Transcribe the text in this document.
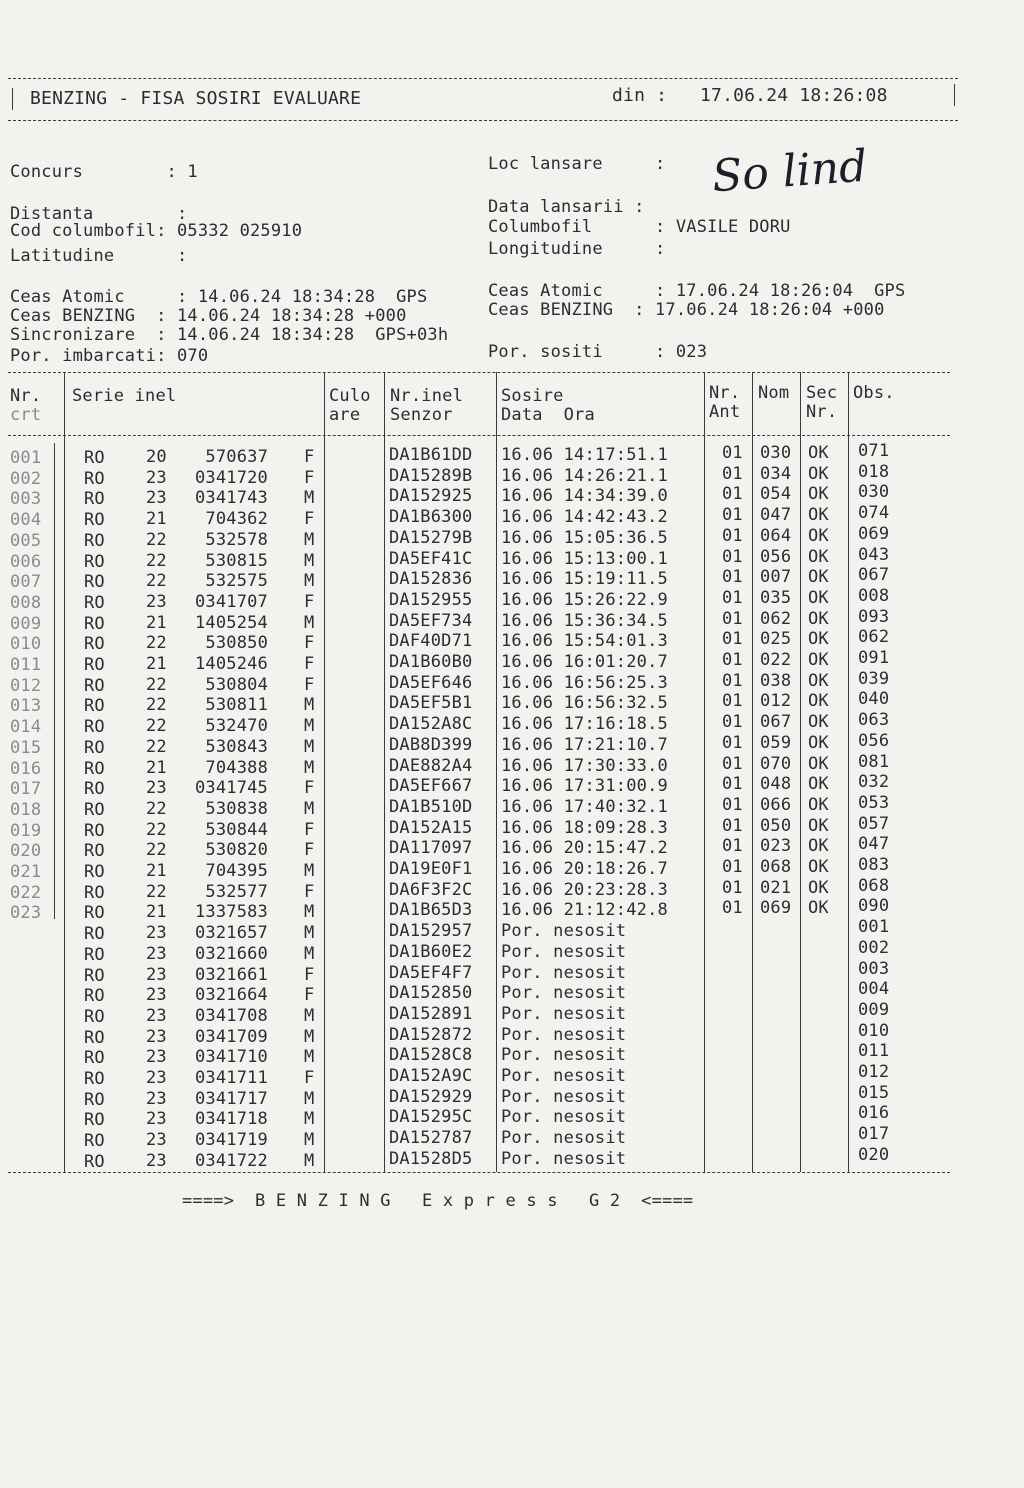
BENZING - FISA SOSIRI EVALUARE	din : 17.06.24 18:26:08
Concurs        : 1	Loc lansare     : So lind
Distanta        :	Data lansarii :
Cod columbofil: 05332 025910	Columbofil      : VASILE DORU
Latitudine      :	Longitudine     :
Ceas Atomic     : 14.06.24 18:34:28  GPS
Ceas BENZING  : 14.06.24 18:34:28 +000
Sincronizare  : 14.06.24 18:34:28  GPS+03h
Por. imbarcati: 070
Ceas Atomic     : 17.06.24 18:26:04  GPS
Ceas BENZING  : 17.06.24 18:26:04 +000
Por. sositi     : 023
Nr.
crt
Serie inel	Culo
are
Nr.inel
Senzor
Sosire
Data  Ora
Nr.
Ant
Nom Sec
Nr.
Obs.
001	RO 20	570637 F	DA1B61DD 16.06 14:17:51.1	01 030 OK 071
002	RO 23	0341720 F	DA15289B 16.06 14:26:21.1	01 034 OK 018
003	RO 23	0341743 M	DA152925 16.06 14:34:39.0	01 054 OK 030
004	RO 21	704362 F	DA1B6300 16.06 14:42:43.2	01 047 OK 074
005	RO 22	532578 M	DA15279B 16.06 15:05:36.5	01 064 OK 069
006	RO 22	530815 M	DA5EF41C 16.06 15:13:00.1	01 056 OK 043
007	RO 22	532575 M	DA152836 16.06 15:19:11.5	01 007 OK 067
008	RO 23	0341707 F	DA152955 16.06 15:26:22.9	01 035 OK 008
009	RO 21	1405254 M	DA5EF734 16.06 15:36:34.5	01 062 OK 093
010	RO 22	530850 F	DAF40D71 16.06 15:54:01.3	01 025 OK 062
011	RO 21	1405246 F	DA1B60B0 16.06 16:01:20.7	01 022 OK 091
012	RO 22	530804 F	DA5EF646 16.06 16:56:25.3	01 038 OK 039
013	RO 22	530811 M	DA5EF5B1 16.06 16:56:32.5	01 012 OK 040
014	RO 22	532470 M	DA152A8C 16.06 17:16:18.5	01 067 OK 063
015	RO 22	530843 M	DAB8D399 16.06 17:21:10.7	01 059 OK 056
016	RO 21	704388 M	DAE882A4 16.06 17:30:33.0	01 070 OK 081
017	RO 23	0341745 F	DA5EF667 16.06 17:31:00.9	01 048 OK 032
018	RO 22	530838 M	DA1B510D 16.06 17:40:32.1	01 066 OK 053
019	RO 22	530844 F	DA152A15 16.06 18:09:28.3	01 050 OK 057
020	RO 22	530820 F	DA117097 16.06 20:15:47.2	01 023 OK 047
021	RO 21	704395 M	DA19E0F1 16.06 20:18:26.7	01 068 OK 083
022	RO 22	532577 F	DA6F3F2C 16.06 20:23:28.3	01 021 OK 068
023	RO 21	1337583 M	DA1B65D3 16.06 21:12:42.8	01 069 OK 090
RO 23	0321657 M	DA152957 Por. nesosit	001
RO 23	0321660 M	DA1B60E2 Por. nesosit	002
RO 23	0321661 F	DA5EF4F7 Por. nesosit	003
RO 23	0321664 F	DA152850 Por. nesosit	004
RO 23	0341708 M	DA152891 Por. nesosit	009
RO 23	0341709 M	DA152872 Por. nesosit	010
RO 23	0341710 M	DA1528C8 Por. nesosit	011
RO 23	0341711 F	DA152A9C Por. nesosit	012
RO 23	0341717 M	DA152929 Por. nesosit	015
RO 23	0341718 M	DA15295C Por. nesosit	016
RO 23	0341719 M	DA152787 Por. nesosit	017
RO 23	0341722 M	DA1528D5 Por. nesosit	020
====>  B E N Z I N G   E x p r e s s   G 2  <====
